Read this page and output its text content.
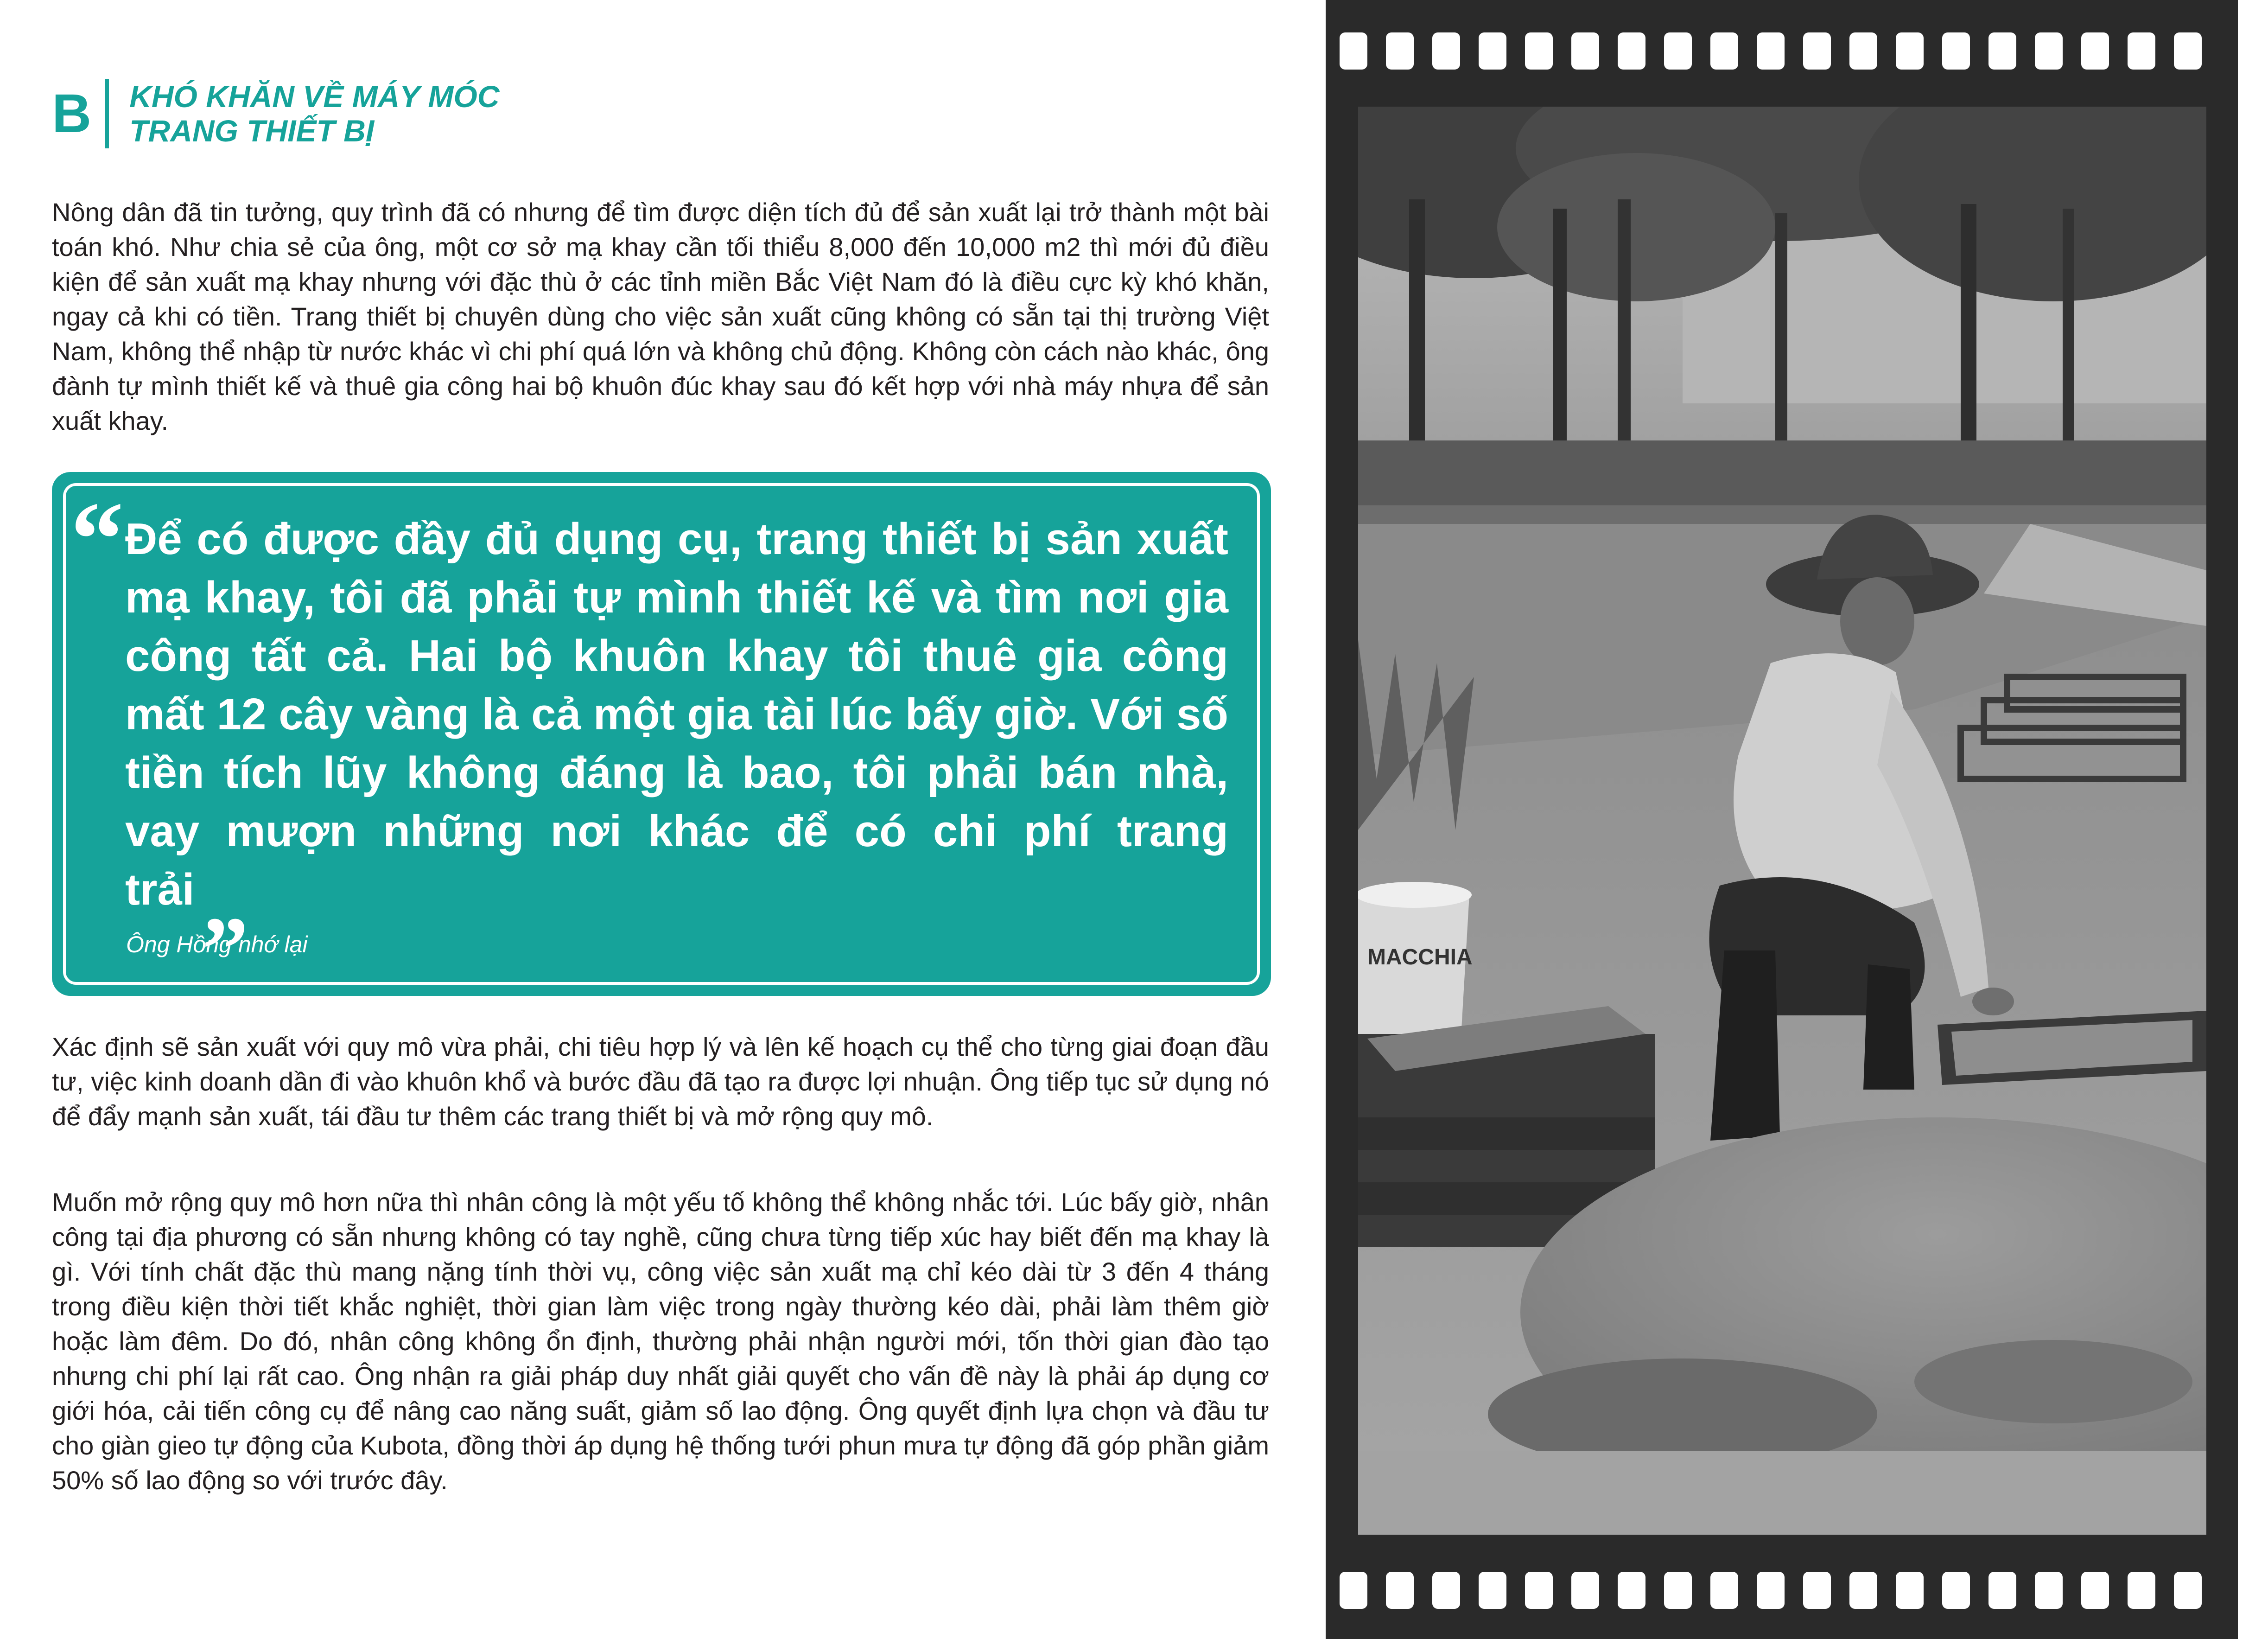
B KHÓ KHĂN VỀ MÁY MÓC
TRANG THIẾT BỊ

Nông dân đã tin tưởng, quy trình đã có nhưng để tìm được diện tích đủ để sản xuất lại trở thành một bài toán khó. Như chia sẻ của ông, một cơ sở mạ khay cần tối thiểu 8,000 đến 10,000 m2 thì mới đủ điều kiện để sản xuất mạ khay nhưng với đặc thù ở các tỉnh miền Bắc Việt Nam đó là điều cực kỳ khó khăn, ngay cả khi có tiền. Trang thiết bị chuyên dùng cho việc sản xuất cũng không có sẵn tại thị trường Việt Nam, không thể nhập từ nước khác vì chi phí quá lớn và không chủ động. Không còn cách nào khác, ông đành tự mình thiết kế và thuê gia công hai bộ khuôn đúc khay sau đó kết hợp với nhà máy nhựa để sản xuất khay.

“ Để có được đầy đủ dụng cụ, trang thiết bị sản xuất mạ khay, tôi đã phải tự mình thiết kế và tìm nơi gia công tất cả. Hai bộ khuôn khay tôi thuê gia công mất 12 cây vàng là cả một gia tài lúc bấy giờ. Với số tiền tích lũy không đáng là bao, tôi phải bán nhà, vay mượn những nơi khác để có chi phí trang trải„

Ông Hồng nhớ lại

Xác định sẽ sản xuất với quy mô vừa phải, chi tiêu hợp lý và lên kế hoạch cụ thể cho từng giai đoạn đầu tư, việc kinh doanh dần đi vào khuôn khổ và bước đầu đã tạo ra được lợi nhuận. Ông tiếp tục sử dụng nó để đẩy mạnh sản xuất, tái đầu tư thêm các trang thiết bị và mở rộng quy mô.

Muốn mở rộng quy mô hơn nữa thì nhân công là một yếu tố không thể không nhắc tới. Lúc bấy giờ, nhân công tại địa phương có sẵn nhưng không có tay nghề, cũng chưa từng tiếp xúc hay biết đến mạ khay là gì. Với tính chất đặc thù mang nặng tính thời vụ, công việc sản xuất mạ chỉ kéo dài từ 3 đến 4 tháng trong điều kiện thời tiết khắc nghiệt, thời gian làm việc trong ngày thường kéo dài, phải làm thêm giờ hoặc làm đêm. Do đó, nhân công không ổn định, thường phải nhận người mới, tốn thời gian đào tạo nhưng chi phí lại rất cao. Ông nhận ra giải pháp duy nhất giải quyết cho vấn đề này là phải áp dụng cơ giới hóa, cải tiến công cụ để nâng cao năng suất, giảm số lao động. Ông quyết định lựa chọn và đầu tư cho giàn gieo tự động của Kubota, đồng thời áp dụng hệ thống tưới phun mưa tự động đã góp phần giảm 50% số lao động so với trước đây.

MACCHIA
